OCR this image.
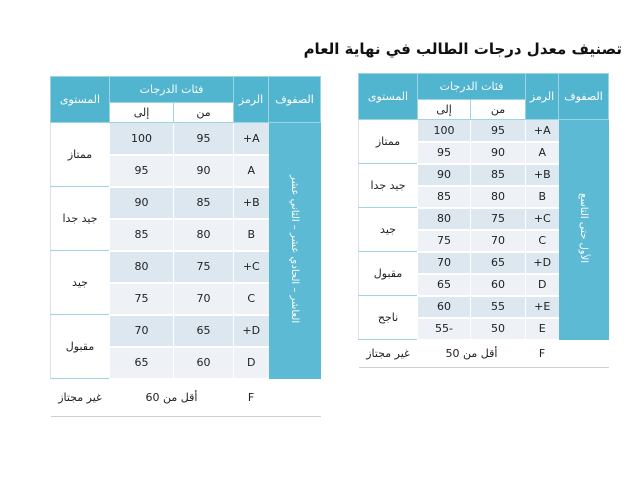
تصنيف معدل درجات الطالب في نهاية العام
الصفوف	الرمز	فئات الدرجات		المستوى
		من	إلى	
العاشر – الحادي عشر – الثاني عشر	A+	95	100	ممتاز
	A	90	95	
	B+	85	90	جيد جدا
	B	80	85	
	C+	75	80	جيد
	C	70	75	
	D+	65	70	مقبول
	D	60	65	
	F	أقل من 60		غير مجتاز
الصفوف	الرمز	فئات الدرجات		المستوى
		من	إلى	
الأول حتى التاسع	A+	95	100	ممتاز
	A	90	95	
	B+	85	90	جيد جدا
	B	80	85	
	C+	75	80	جيد
	C	70	75	
	D+	65	70	مقبول
	D	60	65	
	E+	55	60	ناجح
	E	50	-55	
	F	أقل من 50		غير مجتاز
